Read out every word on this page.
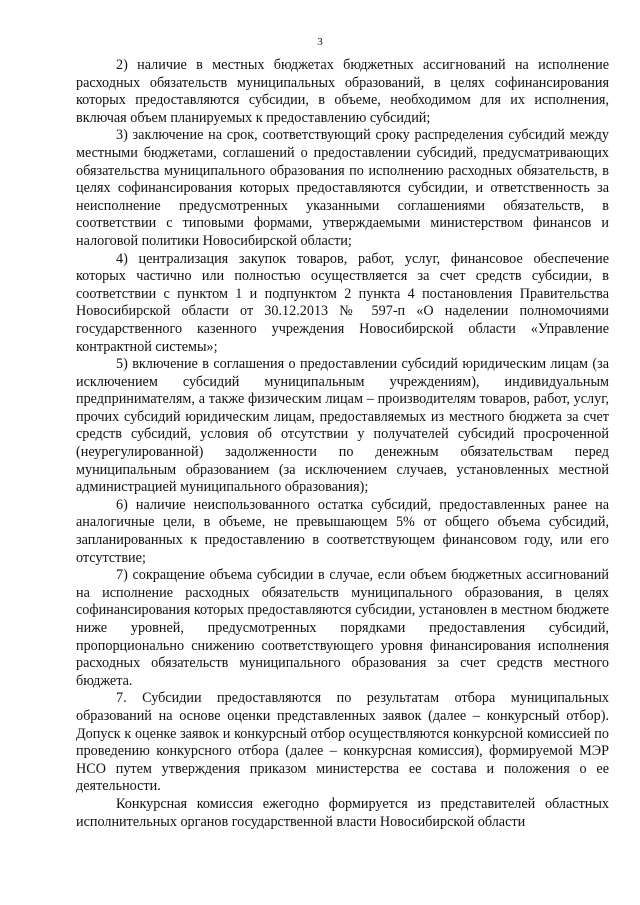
3

2) наличие в местных бюджетах бюджетных ассигнований на исполнение расходных обязательств муниципальных образований, в целях софинансирования которых предоставляются субсидии, в объеме, необходимом для их исполнения, включая объем планируемых к предоставлению субсидий;

3) заключение на срок, соответствующий сроку распределения субсидий между местными бюджетами, соглашений о предоставлении субсидий, предусматривающих обязательства муниципального образования по исполнению расходных обязательств, в целях софинансирования которых предоставляются субсидии, и ответственность за неисполнение предусмотренных указанными соглашениями обязательств, в соответствии с типовыми формами, утверждаемыми министерством финансов и налоговой политики Новосибирской области;

4) централизация закупок товаров, работ, услуг, финансовое обеспечение которых частично или полностью осуществляется за счет средств субсидии, в соответствии с пунктом 1 и подпунктом 2 пункта 4 постановления Правительства Новосибирской области от 30.12.2013 № 597-п «О наделении полномочиями государственного казенного учреждения Новосибирской области «Управление контрактной системы»;

5) включение в соглашения о предоставлении субсидий юридическим лицам (за исключением субсидий муниципальным учреждениям), индивидуальным предпринимателям, а также физическим лицам – производителям товаров, работ, услуг, прочих субсидий юридическим лицам, предоставляемых из местного бюджета за счет средств субсидий, условия об отсутствии у получателей субсидий просроченной (неурегулированной) задолженности по денежным обязательствам перед муниципальным образованием (за исключением случаев, установленных местной администрацией муниципального образования);

6) наличие неиспользованного остатка субсидий, предоставленных ранее на аналогичные цели, в объеме, не превышающем 5% от общего объема субсидий, запланированных к предоставлению в соответствующем финансовом году, или его отсутствие;

7) сокращение объема субсидии в случае, если объем бюджетных ассигнований на исполнение расходных обязательств муниципального образования, в целях софинансирования которых предоставляются субсидии, установлен в местном бюджете ниже уровней, предусмотренных порядками предоставления субсидий, пропорционально снижению соответствующего уровня финансирования исполнения расходных обязательств муниципального образования за счет средств местного бюджета.

7. Субсидии предоставляются по результатам отбора муниципальных образований на основе оценки представленных заявок (далее – конкурсный отбор). Допуск к оценке заявок и конкурсный отбор осуществляются конкурсной комиссией по проведению конкурсного отбора (далее – конкурсная комиссия), формируемой МЭР НСО путем утверждения приказом министерства ее состава и положения о ее деятельности.

Конкурсная комиссия ежегодно формируется из представителей областных исполнительных органов государственной власти Новосибирской области
